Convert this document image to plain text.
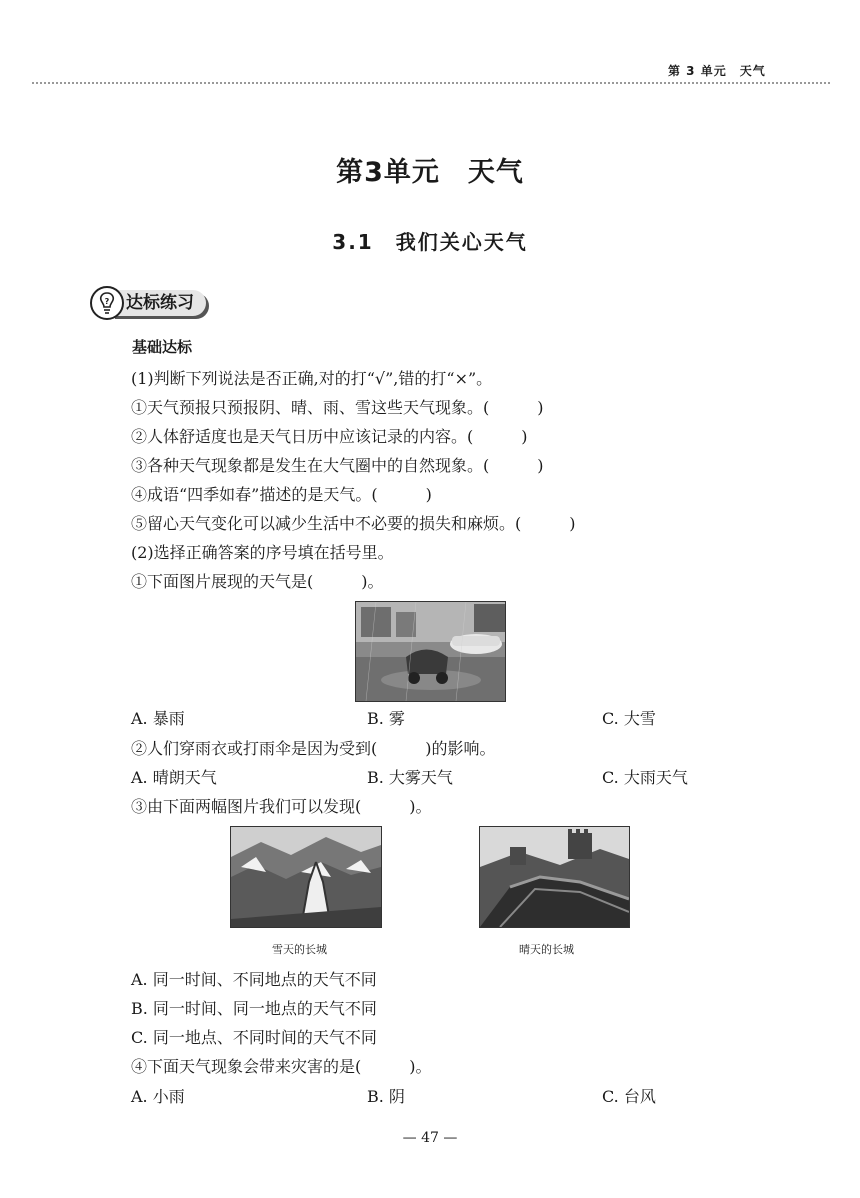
第 3 单元　天气
第3单元　天气
3.1　我们关心天气
? 达标练习
基础达标
(1)判断下列说法是否正确,对的打“√”,错的打“×”。
①天气预报只预报阴、晴、雨、雪这些天气现象。(　　　)
②人体舒适度也是天气日历中应该记录的内容。(　　　)
③各种天气现象都是发生在大气圈中的自然现象。(　　　)
④成语“四季如春”描述的是天气。(　　　)
⑤留心天气变化可以减少生活中不必要的损失和麻烦。(　　　)
(2)选择正确答案的序号填在括号里。
①下面图片展现的天气是(　　　)。
A. 暴雨	B. 雾	C. 大雪
②人们穿雨衣或打雨伞是因为受到(　　　)的影响。
A. 晴朗天气	B. 大雾天气	C. 大雨天气
③由下面两幅图片我们可以发现(　　　)。
雪天的长城	晴天的长城
A. 同一时间、不同地点的天气不同
B. 同一时间、同一地点的天气不同
C. 同一地点、不同时间的天气不同
④下面天气现象会带来灾害的是(　　　)。
A. 小雨	B. 阴	C. 台风
— 47 —
